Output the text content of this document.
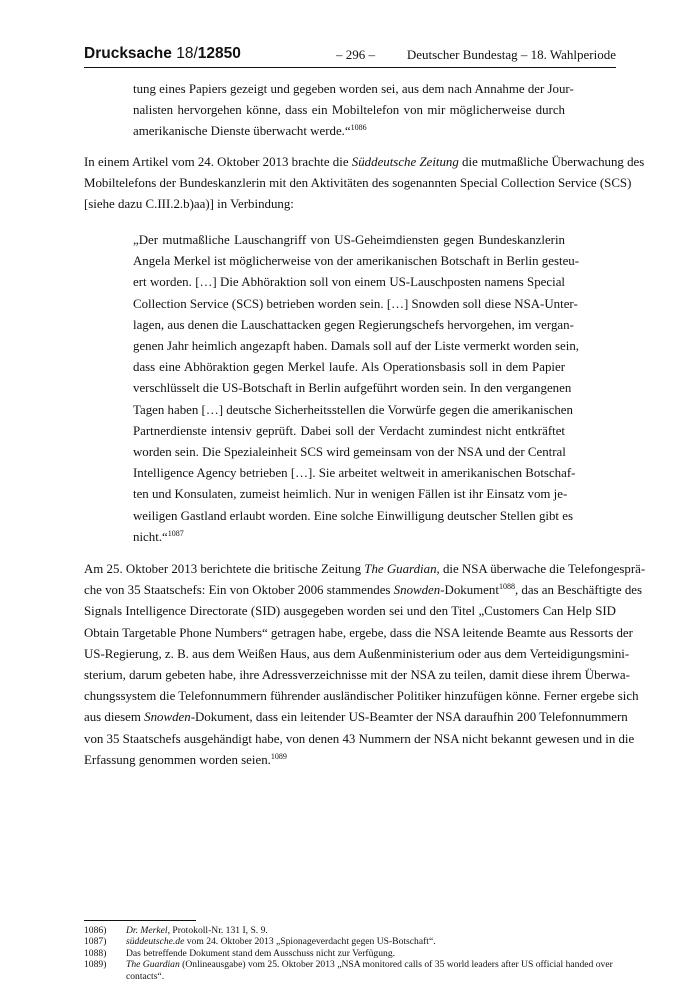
Drucksache 18/12850	– 296 – Deutscher Bundestag – 18. Wahlperiode
tung eines Papiers gezeigt und gegeben worden sei, aus dem nach Annahme der Jour-
nalisten hervorgehen könne, dass ein Mobiltelefon von mir möglicherweise durch
amerikanische Dienste überwacht werde.“$^{1086}$
In einem Artikel vom 24. Oktober 2013 brachte die Süddeutsche Zeitung die mutmaßliche Überwachung des
Mobiltelefons der Bundeskanzlerin mit den Aktivitäten des sogenannten Special Collection Service (SCS)
[siehe dazu C.III.2.b)aa)] in Verbindung:
„Der mutmaßliche Lauschangriff von US-Geheimdiensten gegen Bundeskanzlerin
Angela Merkel ist möglicherweise von der amerikanischen Botschaft in Berlin gesteu-
ert worden. […] Die Abhöraktion soll von einem US-Lauschposten namens Special
Collection Service (SCS) betrieben worden sein. […] Snowden soll diese NSA-Unter-
lagen, aus denen die Lauschattacken gegen Regierungschefs hervorgehen, im vergan-
genen Jahr heimlich angezapft haben. Damals soll auf der Liste vermerkt worden sein,
dass eine Abhöraktion gegen Merkel laufe. Als Operationsbasis soll in dem Papier
verschlüsselt die US-Botschaft in Berlin aufgeführt worden sein. In den vergangenen
Tagen haben […] deutsche Sicherheitsstellen die Vorwürfe gegen die amerikanischen
Partnerdienste intensiv geprüft. Dabei soll der Verdacht zumindest nicht entkräftet
worden sein. Die Spezialeinheit SCS wird gemeinsam von der NSA und der Central
Intelligence Agency betrieben […]. Sie arbeitet weltweit in amerikanischen Botschaf-
ten und Konsulaten, zumeist heimlich. Nur in wenigen Fällen ist ihr Einsatz vom je-
weiligen Gastland erlaubt worden. Eine solche Einwilligung deutscher Stellen gibt es
nicht.“$^{1087}$
Am 25. Oktober 2013 berichtete die britische Zeitung The Guardian, die NSA überwache die Telefongesprä-
che von 35 Staatschefs: Ein von Oktober 2006 stammendes Snowden-Dokument$^{1088}$, das an Beschäftigte des
Signals Intelligence Directorate (SID) ausgegeben worden sei und den Titel „Customers Can Help SID
Obtain Targetable Phone Numbers“ getragen habe, ergebe, dass die NSA leitende Beamte aus Ressorts der
US-Regierung, z. B. aus dem Weißen Haus, aus dem Außenministerium oder aus dem Verteidigungsmini-
sterium, darum gebeten habe, ihre Adressverzeichnisse mit der NSA zu teilen, damit diese ihrem Überwa-
chungssystem die Telefonnummern führender ausländischer Politiker hinzufügen könne. Ferner ergebe sich
aus diesem Snowden-Dokument, dass ein leitender US-Beamter der NSA daraufhin 200 Telefonnummern
von 35 Staatschefs ausgehändigt habe, von denen 43 Nummern der NSA nicht bekannt gewesen und in die
Erfassung genommen worden seien.$^{1089}$
1086) Dr. Merkel, Protokoll-Nr. 131 I, S. 9.
1087) süddeutsche.de vom 24. Oktober 2013 „Spionageverdacht gegen US-Botschaft“.
1088) Das betreffende Dokument stand dem Ausschuss nicht zur Verfügung.
1089) The Guardian (Onlineausgabe) vom 25. Oktober 2013 „NSA monitored calls of 35 world leaders after US official handed over contacts“.
